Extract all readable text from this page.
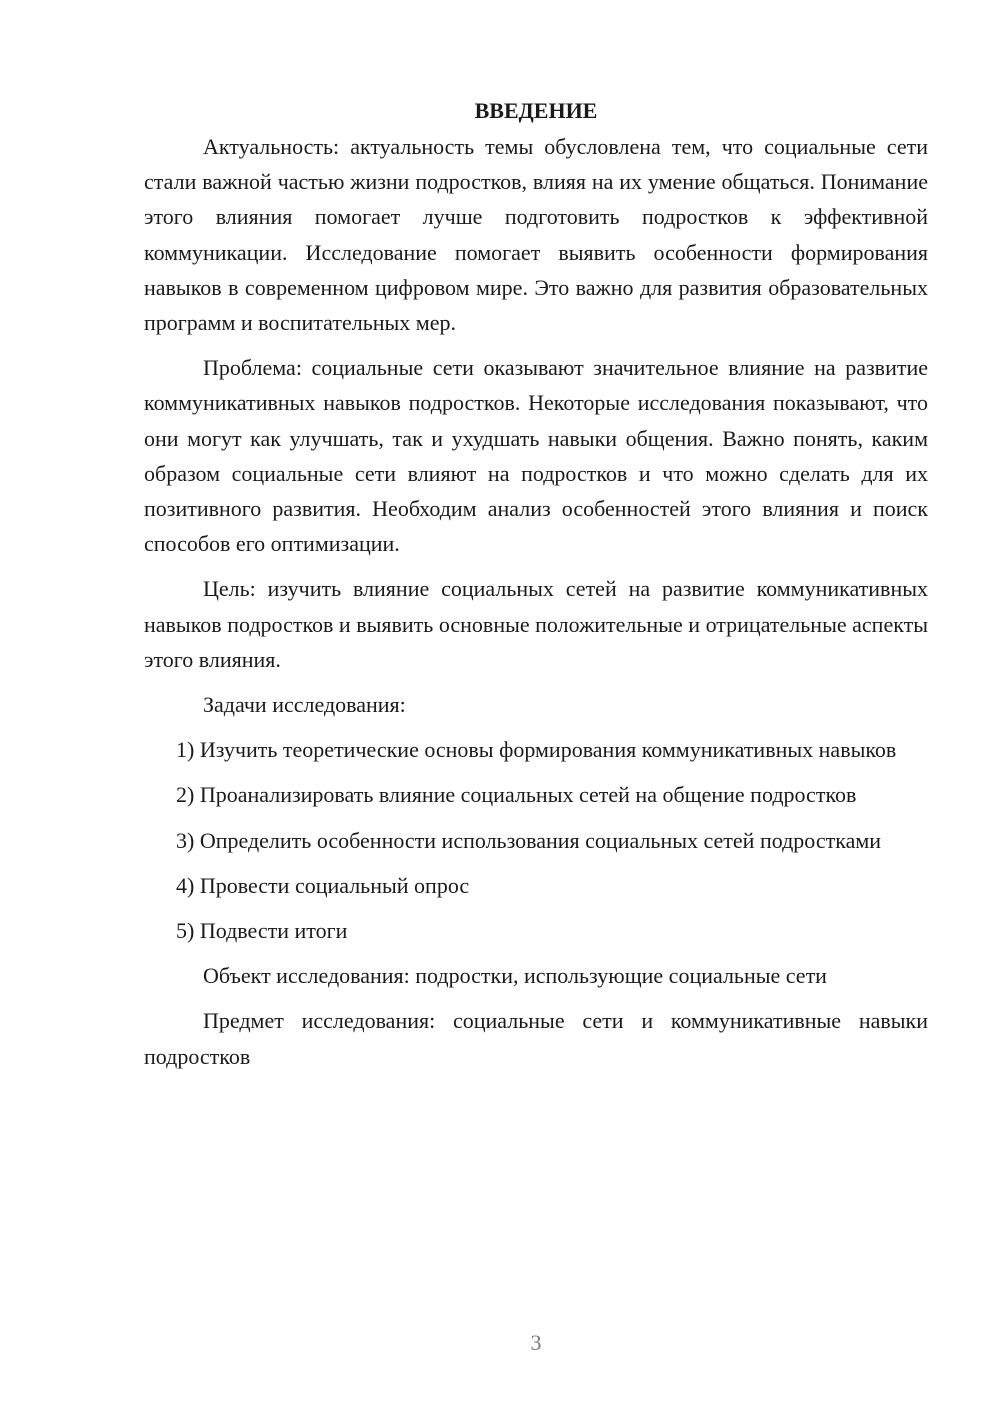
ВВЕДЕНИЕ

Актуальность: актуальность темы обусловлена тем, что социальные сети стали важной частью жизни подростков, влияя на их умение общаться. Понимание этого влияния помогает лучше подготовить подростков к эффективной коммуникации. Исследование помогает выявить особенности формирования навыков в современном цифровом мире. Это важно для развития образовательных программ и воспитательных мер.

Проблема: социальные сети оказывают значительное влияние на развитие коммуникативных навыков подростков. Некоторые исследования показывают, что они могут как улучшать, так и ухудшать навыки общения. Важно понять, каким образом социальные сети влияют на подростков и что можно сделать для их позитивного развития. Необходим анализ особенностей этого влияния и поиск способов его оптимизации.

Цель: изучить влияние социальных сетей на развитие коммуникативных навыков подростков и выявить основные положительные и отрицательные аспекты этого влияния.

Задачи исследования:

1) Изучить теоретические основы формирования коммуникативных навыков

2) Проанализировать влияние социальных сетей на общение подростков

3) Определить особенности использования социальных сетей подростками

4) Провести социальный опрос

5) Подвести итоги

Объект исследования: подростки, использующие социальные сети

Предмет исследования: социальные сети и коммуникативные навыки подростков

3
